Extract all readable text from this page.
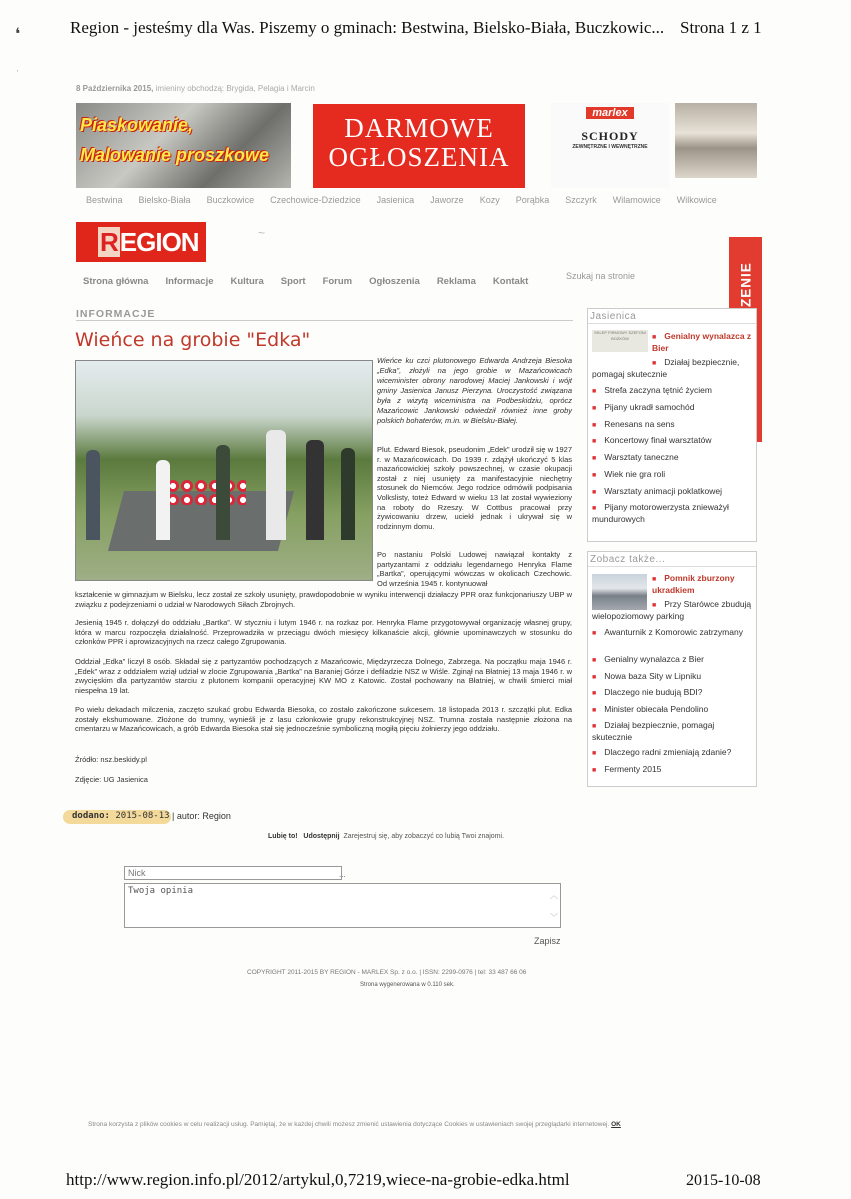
❛
ˑ
Region - jesteśmy dla Was. Piszemy o gminach: Bestwina, Bielsko-Biała, Buczkowic... Strona 1 z 1
8 Października 2015, imieniny obchodzą: Brygida, Pelagia i Marcin
Piaskowanie,
Malowanie proszkowe
DARMOWE
OGŁOSZENIA
marlex
SCHODY
ZEWNĘTRZNE I WEWNĘTRZNE
Bestwina Bielsko-Biała Buczkowice Czechowice-Dziedzice Jasienica Jaworze Kozy Porąbka Szczyrk Wilamowice Wilkowice
REGION	~
Strona główna Informacje Kultura Sport Forum Ogłoszenia Reklama Kontakt	Szukaj na stronie
INFORMACJE
Wieńce na grobie "Edka"
Wieńce ku czci plutonowego Edwarda Andrzeja Biesoka „Edka”, złożyli na jego grobie w Mazańcowicach wiceminister obrony narodowej Maciej Jankowski i wójt gminy Jasienica Janusz Pierzyna. Uroczystość związana była z wizytą wiceministra na Podbeskidziu, oprócz Mazańcowic Jankowski odwiedził również inne groby polskich bohaterów, m.in. w Bielsku-Białej.
Plut. Edward Biesok, pseudonim „Edek” urodził się w 1927 r. w Mazańcowicach. Do 1939 r. zdążył ukończyć 5 klas mazańcowickiej szkoły powszechnej, w czasie okupacji został z niej usunięty za manifestacyjnie niechętny stosunek do Niemców. Jego rodzice odmówili podpisania Volkslisty, toteż Edward w wieku 13 lat został wywieziony na roboty do Rzeszy. W Cottbus pracował przy żywicowaniu drzew, uciekł jednak i ukrywał się w rodzinnym domu.
Po nastaniu Polski Ludowej nawiązał kontakty z partyzantami z oddziału legendarnego Henryka Flame „Bartka”, operującymi wówczas w okolicach Czechowic. Od września 1945 r. kontynuował
kształcenie w gimnazjum w Bielsku, lecz został ze szkoły usunięty, prawdopodobnie w wyniku interwencji działaczy PPR oraz funkcjonariuszy UBP w związku z podejrzeniami o udział w Narodowych Siłach Zbrojnych.
Jesienią 1945 r. dołączył do oddziału „Bartka”. W styczniu i lutym 1946 r. na rozkaz por. Henryka Flame przygotowywał organizację własnej grupy, która w marcu rozpoczęła działalność. Przeprowadziła w przeciągu dwóch miesięcy kilkanaście akcji, głównie upominawczych w stosunku do członków PPR i aprowizacyjnych na rzecz całego Zgrupowania.
Oddział „Edka” liczył 8 osób. Składał się z partyzantów pochodzących z Mazańcowic, Międzyrzecza Dolnego, Zabrzega. Na początku maja 1946 r. „Edek” wraz z oddziałem wziął udział w zlocie Zgrupowania „Bartka” na Baraniej Górze i defiladzie NSZ w Wiśle. Zginął na Błatniej 13 maja 1946 r. w zwycięskim dla partyzantów starciu z plutonem kompanii operacyjnej KW MO z Katowic. Został pochowany na Błatniej, w chwili śmierci miał niespełna 19 lat.
Po wielu dekadach milczenia, zaczęto szukać grobu Edwarda Biesoka, co zostało zakończone sukcesem. 18 listopada 2013 r. szczątki plut. Edka zostały ekshumowane. Złożone do trumny, wynieśli je z lasu członkowie grupy rekonstrukcyjnej NSZ. Trumna została następnie złożona na cmentarzu w Mazańcowicach, a grób Edwarda Biesoka stał się jednocześnie symboliczną mogiłą pięciu żołnierzy jego oddziału.
Źródło: nsz.beskidy.pl
Zdjęcie: UG Jasienica
dodano: 2015-08-13 | autor: Region
Lubię to! Udostępnij Zarejestruj się, aby zobaczyć co lubią Twoi znajomi.
Nick	...
Twoja opinia	︿
﹀
Zapisz
Jasienica
SKLEP FIRMOWY SZEFONI BOŻKÓW	■ Genialny wynalazca z Bier
■ Działaj bezpiecznie, pomagaj skutecznie
■ Strefa zaczyna tętnić życiem
■ Pijany ukradł samochód
■ Renesans na sens
■ Koncertowy finał warsztatów
■ Warsztaty taneczne
■ Wiek nie gra roli
■ Warsztaty animacji poklatkowej
■ Pijany motorowerzysta znieważył mundurowych
Zobacz także...
■ Pomnik zburzony ukradkiem
■ Przy Starówce zbudują wielopoziomowy parking
■ Awanturnik z Komorowic zatrzymany
■ Genialny wynalazca z Bier
■ Nowa baza Sity w Lipniku
■ Dlaczego nie budują BDI?
■ Minister obiecała Pendolino
■ Działaj bezpiecznie, pomagaj skutecznie
■ Dlaczego radni zmieniają zdanie?
■ Fermenty 2015
COPYRIGHT 2011-2015 BY REGION - MARLEX Sp. z o.o. | ISSN: 2299-0976 | tel: 33 487 66 06
Strona wygenerowana w 0.110 sek.
Strona korzysta z plików cookies w celu realizacji usług. Pamiętaj, że w każdej chwili możesz zmienić ustawienia dotyczące Cookies w ustawieniach swojej przeglądarki internetowej. OK
http://www.region.info.pl/2012/artykul,0,7219,wiece-na-grobie-edka.html	2015-10-08
